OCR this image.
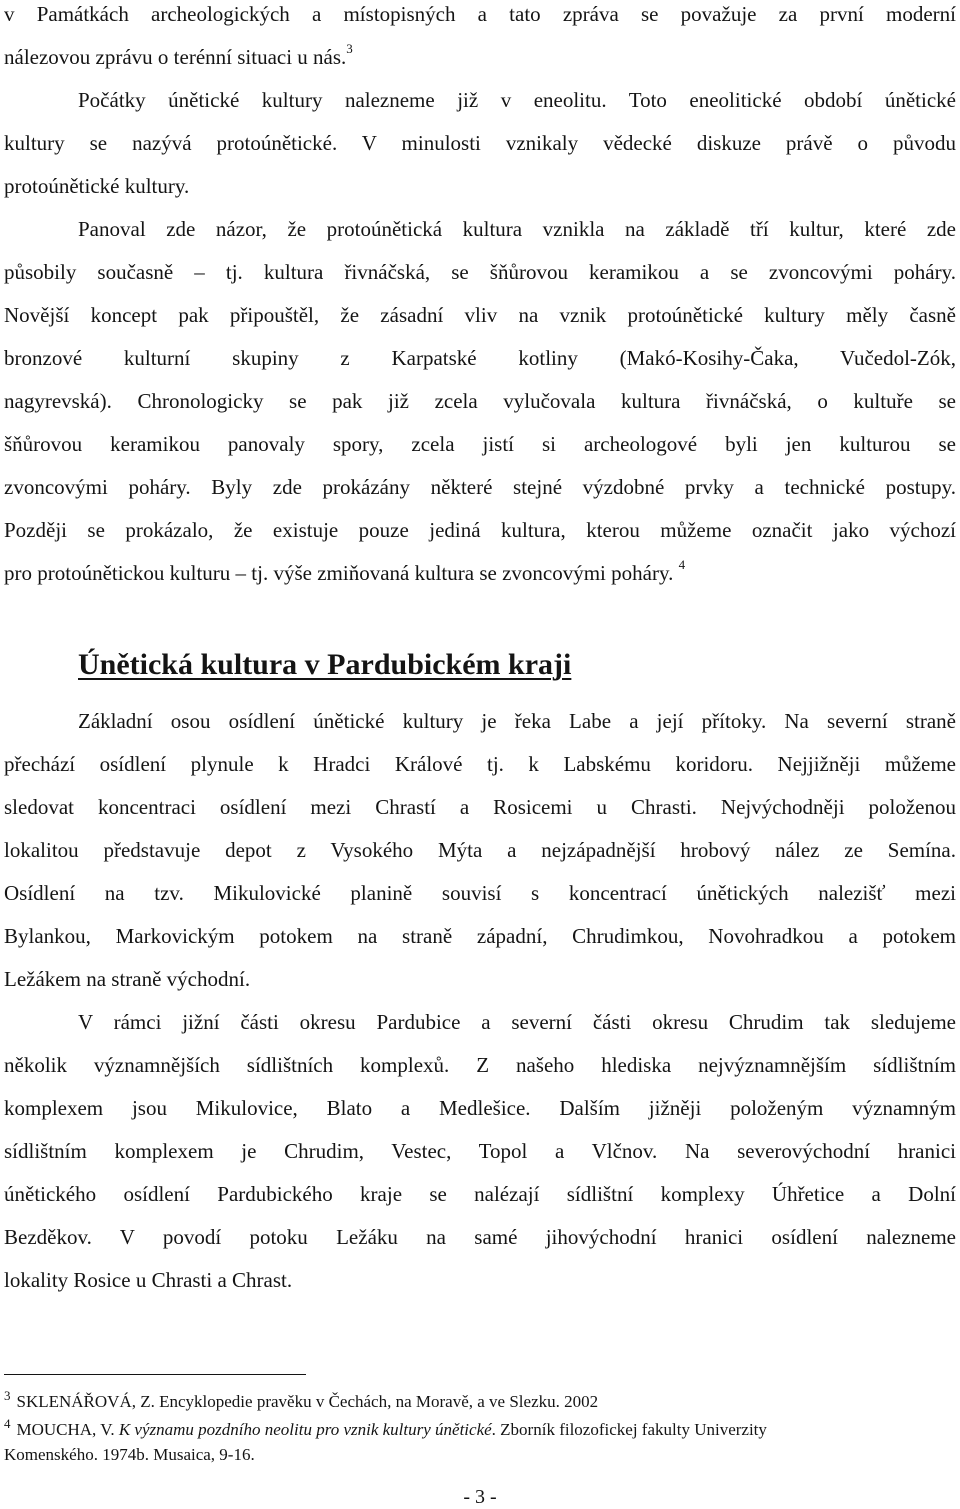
v Památkách archeologických a místopisných a tato zpráva se považuje za první moderní
nálezovou zprávu o terénní situaci u nás.$^3$
Počátky únětické kultury nalezneme již v eneolitu. Toto eneolitické období únětické
kultury se nazývá protoúnětické. V minulosti vznikaly vědecké diskuze právě o původu
protoúnětické kultury.
Panoval zde názor, že protoúnětická kultura vznikla na základě tří kultur, které zde
působily současně – tj. kultura řivnáčská, se šňůrovou keramikou a se zvoncovými poháry.
Novější koncept pak připouštěl, že zásadní vliv na vznik protoúnětické kultury měly časně
bronzové kulturní skupiny z Karpatské kotliny (Makó-Kosihy-Čaka, Vučedol-Zók,
nagyrevská). Chronologicky se pak již zcela vylučovala kultura řivnáčská, o kultuře se
šňůrovou keramikou panovaly spory, zcela jistí si archeologové byli jen kulturou se
zvoncovými poháry. Byly zde prokázány některé stejné výzdobné prvky a technické postupy.
Později se prokázalo, že existuje pouze jediná kultura, kterou můžeme označit jako výchozí
pro protoúnětickou kulturu – tj. výše zmiňovaná kultura se zvoncovými poháry. $^4$
Únětická kultura v Pardubickém kraji
Základní osou osídlení únětické kultury je řeka Labe a její přítoky. Na severní straně
přechází osídlení plynule k Hradci Králové tj. k Labskému koridoru. Nejjižněji můžeme
sledovat koncentraci osídlení mezi Chrastí a Rosicemi u Chrasti. Nejvýchodněji položenou
lokalitou představuje depot z Vysokého Mýta a nejzápadnější hrobový nález ze Semína.
Osídlení na tzv. Mikulovické planině souvisí s koncentrací únětických nalezišť mezi
Bylankou, Markovickým potokem na straně západní, Chrudimkou, Novohradkou a potokem
Ležákem na straně východní.
V rámci jižní části okresu Pardubice a severní části okresu Chrudim tak sledujeme
několik významnějších sídlištních komplexů. Z našeho hlediska nejvýznamnějším sídlištním
komplexem jsou Mikulovice, Blato a Medlešice. Dalším jižněji položeným významným
sídlištním komplexem je Chrudim, Vestec, Topol a Vlčnov. Na severovýchodní hranici
únětického osídlení Pardubického kraje se nalézají sídlištní komplexy Úhřetice a Dolní
Bezděkov. V povodí potoku Ležáku na samé jihovýchodní hranici osídlení nalezneme
lokality Rosice u Chrasti a Chrast.
$^3$ SKLENÁŘOVÁ, Z. Encyklopedie pravěku v Čechách, na Moravě, a ve Slezku. 2002
$^4$ MOUCHA, V. K významu pozdního neolitu pro vznik kultury únětické. Zborník filozofickej fakulty Univerzity
Komenského. 1974b. Musaica, 9-16.
- 3 -
